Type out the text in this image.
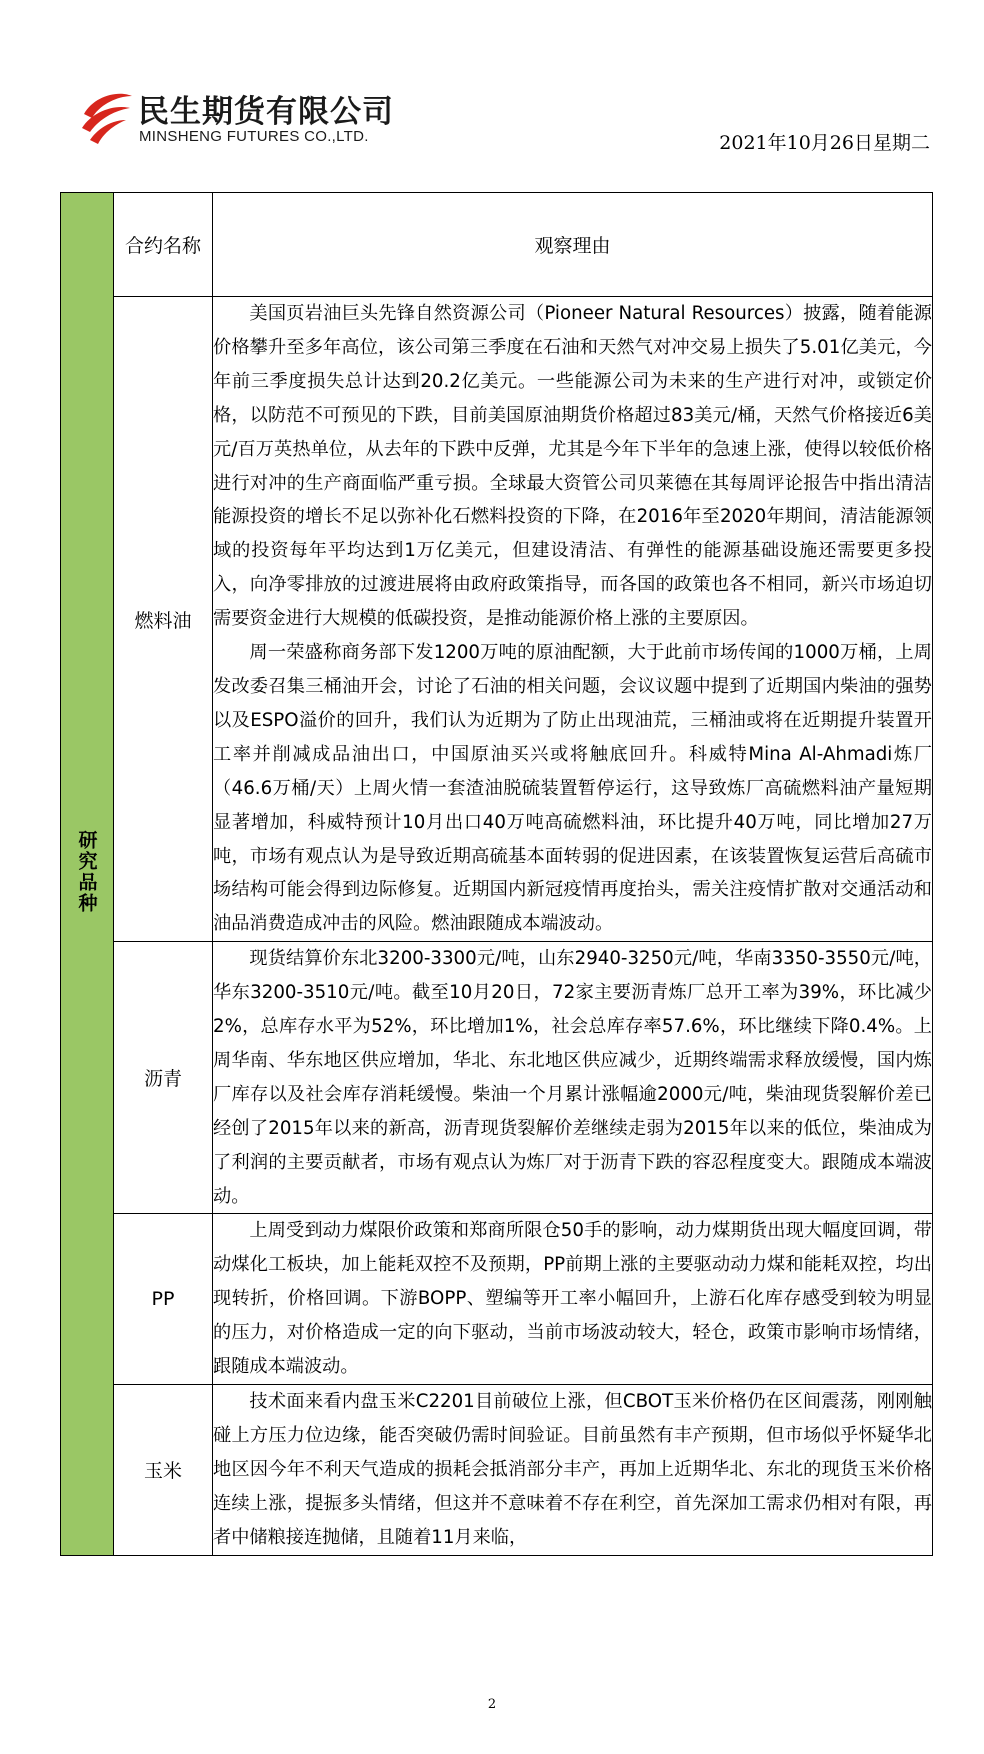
民生期货有限公司
MINSHENG FUTURES CO.,LTD.	2021年10月26日星期二
研究品种	合约名称	观察理由
	燃料油	美国页岩油巨头先锋自然资源公司（Pioneer Natural Resources）披露，随着能源价格攀升至多年高位，该公司第三季度在石油和天然气对冲交易上损失了5.01亿美元，今年前三季度损失总计达到20.2亿美元。一些能源公司为未来的生产进行对冲，或锁定价格，以防范不可预见的下跌，目前美国原油期货价格超过83美元/桶，天然气价格接近6美元/百万英热单位，从去年的下跌中反弹，尤其是今年下半年的急速上涨，使得以较低价格进行对冲的生产商面临严重亏损。全球最大资管公司贝莱德在其每周评论报告中指出清洁能源投资的增长不足以弥补化石燃料投资的下降，在2016年至2020年期间，清洁能源领域的投资每年平均达到1万亿美元，但建设清洁、有弹性的能源基础设施还需要更多投入，向净零排放的过渡进展将由政府政策指导，而各国的政策也各不相同，新兴市场迫切需要资金进行大规模的低碳投资，是推动能源价格上涨的主要原因。

周一荣盛称商务部下发1200万吨的原油配额，大于此前市场传闻的1000万桶，上周发改委召集三桶油开会，讨论了石油的相关问题，会议议题中提到了近期国内柴油的强势以及ESPO溢价的回升，我们认为近期为了防止出现油荒，三桶油或将在近期提升装置开工率并削减成品油出口，中国原油买兴或将触底回升。科威特Mina Al-Ahmadi炼厂（46.6万桶/天）上周火情一套渣油脱硫装置暂停运行，这导致炼厂高硫燃料油产量短期显著增加，科威特预计10月出口40万吨高硫燃料油，环比提升40万吨，同比增加27万吨，市场有观点认为是导致近期高硫基本面转弱的促进因素，在该装置恢复运营后高硫市场结构可能会得到边际修复。近期国内新冠疫情再度抬头，需关注疫情扩散对交通活动和油品消费造成冲击的风险。燃油跟随成本端波动。

	沥青	现货结算价东北3200-3300元/吨，山东2940-3250元/吨，华南3350-3550元/吨，华东3200-3510元/吨。截至10月20日，72家主要沥青炼厂总开工率为39%，环比减少2%，总库存水平为52%，环比增加1%，社会总库存率57.6%，环比继续下降0.4%。上周华南、华东地区供应增加，华北、东北地区供应减少，近期终端需求释放缓慢，国内炼厂库存以及社会库存消耗缓慢。柴油一个月累计涨幅逾2000元/吨，柴油现货裂解价差已经创了2015年以来的新高，沥青现货裂解价差继续走弱为2015年以来的低位，柴油成为了利润的主要贡献者，市场有观点认为炼厂对于沥青下跌的容忍程度变大。跟随成本端波动。

	PP	上周受到动力煤限价政策和郑商所限仓50手的影响，动力煤期货出现大幅度回调，带动煤化工板块，加上能耗双控不及预期，PP前期上涨的主要驱动动力煤和能耗双控，均出现转折，价格回调。下游BOPP、塑编等开工率小幅回升，上游石化库存感受到较为明显的压力，对价格造成一定的向下驱动，当前市场波动较大，轻仓，政策市影响市场情绪，跟随成本端波动。

	玉米	技术面来看内盘玉米C2201目前破位上涨，但CBOT玉米价格仍在区间震荡，刚刚触碰上方压力位边缘，能否突破仍需时间验证。目前虽然有丰产预期，但市场似乎怀疑华北地区因今年不利天气造成的损耗会抵消部分丰产，再加上近期华北、东北的现货玉米价格连续上涨，提振多头情绪，但这并不意味着不存在利空，首先深加工需求仍相对有限，再者中储粮接连抛储，且随着11月来临，

2
